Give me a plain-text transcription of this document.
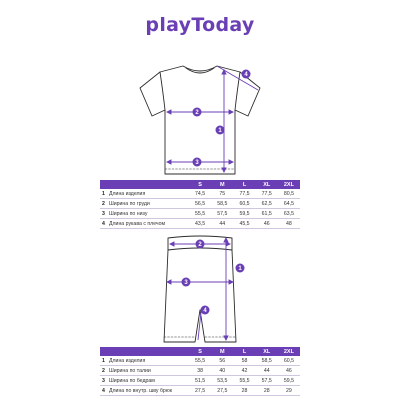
playToday
1
2
3
4
S	M	L	XL	2XL
1 Длина изделия	74,5	75	77,5	77,5	80,5
2 Ширина по груди	56,5	58,5	60,5	62,5	64,5
3 Ширина по низу	55,5	57,5	59,5	61,5	63,5
4 Длина рукава с плечом	43,5	44	45,5	46	48
1
2
3
4
S	M	L	XL	2XL
1 Длина изделия	55,5	56	58	58,5	60,5
2 Ширина по талии	38	40	42	44	46
3 Ширина по бедрам	51,5	53,5	55,5	57,5	59,5
4 Длина по внутр. шву брюк	27,5	27,5	28	28	29
